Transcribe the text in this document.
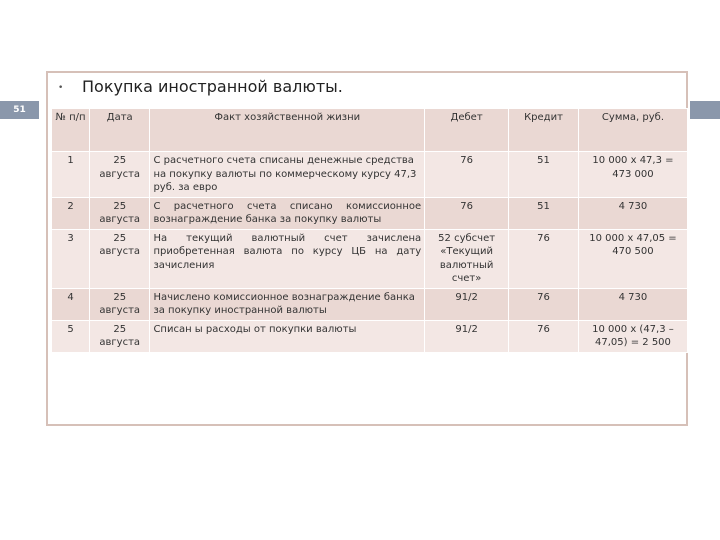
51
• Покупка иностранной валюты.
№ п/п	Дата	Факт хозяйственной жизни	Дебет	Кредит	Сумма, руб.
1	25 августа	С расчетного счета списаны денежные средства на покупку валюты по коммерческому курсу 47,3 руб. за евро	76	51	10 000 х 47,3 = 473 000
2	25 августа	С расчетного счета списано комиссионное вознаграждение банка за покупку валюты	76	51	4 730
3	25 августа	На текущий валютный счет зачислена приобретенная валюта по курсу ЦБ на дату зачисления	52 субсчет «Текущий валютный счет»	76	10 000 х 47,05 = 470 500
4	25 августа	Начислено комиссионное вознаграждение банка за покупку иностранной валюты	91/2	76	4 730
5	25 августа	Списан ы расходы от покупки валюты	91/2	76	10 000 х (47,3 – 47,05) = 2 500
